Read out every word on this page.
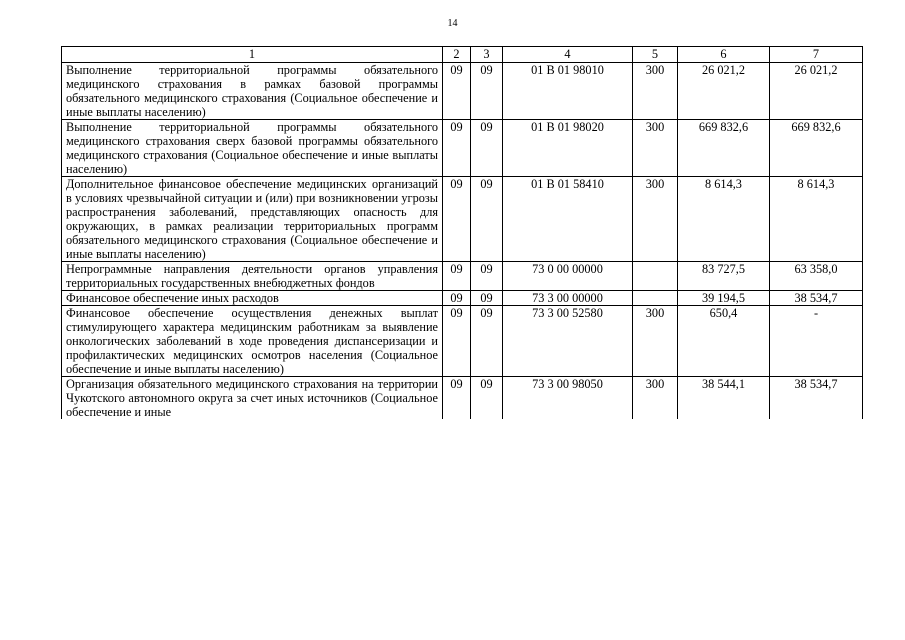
14
1	2	3	4	5	6	7
Выполнение территориальной программы обязательного медицинского страхования в рамках базовой программы обязательного медицинского страхования (Социальное обеспечение и иные выплаты населению)	09	09	01 В 01 98010	300	26 021,2	26 021,2
Выполнение территориальной программы обязательного медицинского страхования сверх базовой программы обязательного медицинского страхования (Социальное обеспечение и иные выплаты населению)	09	09	01 В 01 98020	300	669 832,6	669 832,6
Дополнительное финансовое обеспечение медицинских организаций в условиях чрезвычайной ситуации и (или) при возникновении угрозы распространения заболеваний, представляющих опасность для окружающих, в рамках реализации территориальных программ обязательного медицинского страхования (Социальное обеспечение и иные выплаты населению)	09	09	01 В 01 58410	300	8 614,3	8 614,3
Непрограммные направления деятельности органов управления территориальных государственных внебюджетных фондов	09	09	73 0 00 00000		83 727,5	63 358,0
Финансовое обеспечение иных расходов	09	09	73 3 00 00000		39 194,5	38 534,7
Финансовое обеспечение осуществления денежных выплат стимулирующего характера медицинским работникам за выявление онкологических заболеваний в ходе проведения диспансеризации и профилактических медицинских осмотров населения (Социальное обеспечение и иные выплаты населению)	09	09	73 3 00 52580	300	650,4	-
Организация обязательного медицинского страхования на территории Чукотского автономного округа за счет иных источников (Социальное обеспечение и иные	09	09	73 3 00 98050	300	38 544,1	38 534,7
